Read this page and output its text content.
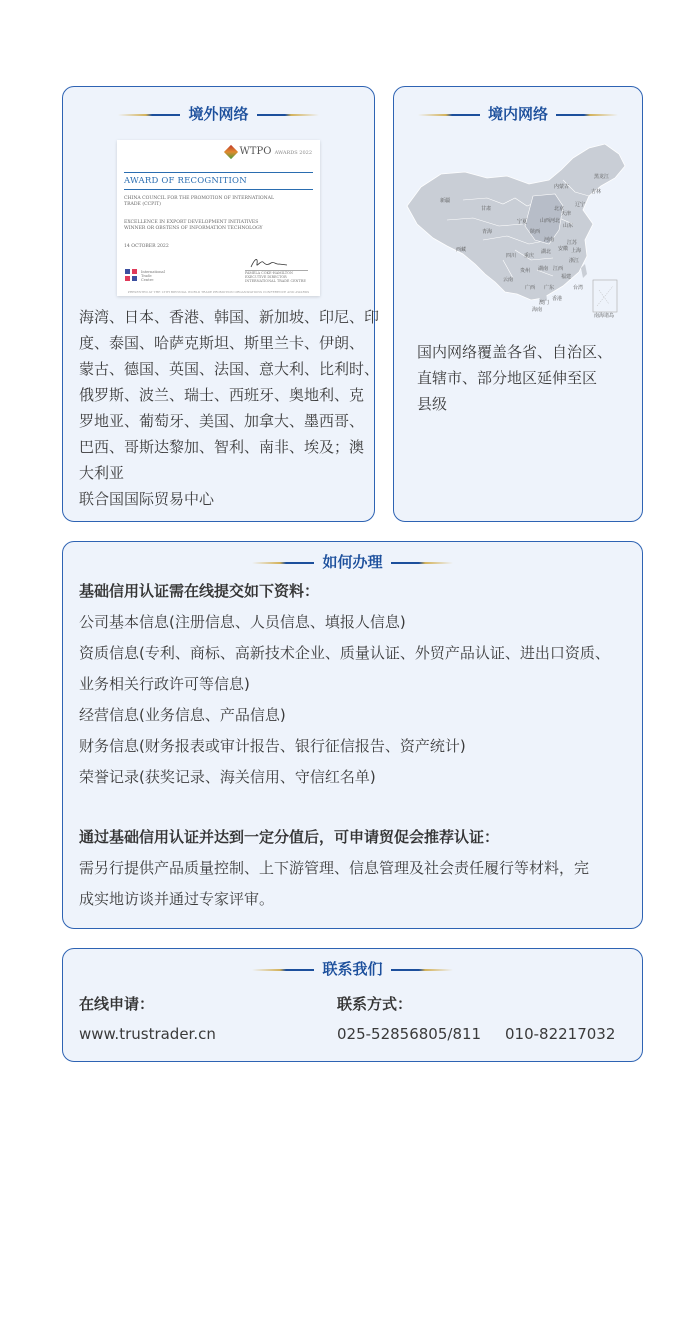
境外网络
WTPO AWARDS 2022
AWARD OF RECOGNITION
CHINA COUNCIL FOR THE PROMOTION OF INTERNATIONAL
TRADE (CCPIT)
EXCELLENCE IN EXPORT DEVELOPMENT INITIATIVES
WINNER OR OBSTENS OF INFORMATION TECHNOLOGY
14 OCTOBER 2022
PAMELA COKE-HAMILTON
EXECUTIVE DIRECTOR
INTERNATIONAL TRADE CENTRE
International
Trade
Centre
PRESENTED AT THE 13TH BIENNIAL WORLD TRADE PROMOTION ORGANIZATIONS CONFERENCE AND AWARDS
海湾、日本、香港、韩国、新加坡、印尼、印
度、泰国、哈萨克斯坦、斯里兰卡、伊朗、
蒙古、德国、英国、法国、意大利、比利时、
俄罗斯、波兰、瑞士、西班牙、奥地利、克
罗地亚、葡萄牙、美国、加拿大、墨西哥、
巴西、哥斯达黎加、智利、南非、埃及；澳
大利亚
联合国国际贸易中心
境内网络
黑龙江
吉林
辽宁
内蒙古
北京
天津
河北
山西
山东
新疆
甘肃
宁夏
青海	陕西
河南	江苏
安徽 上海
西藏
四川 重庆
湖北
浙江
贵州 湖南 江西
福建
云南
广西 广东	台湾
香港
澳门
海南
南海诸岛
国内网络覆盖各省、自治区、
直辖市、部分地区延伸至区
县级
如何办理
基础信用认证需在线提交如下资料：
公司基本信息(注册信息、人员信息、填报人信息)
资质信息(专利、商标、高新技术企业、质量认证、外贸产品认证、进出口资质、
业务相关行政许可等信息)
经营信息(业务信息、产品信息)
财务信息(财务报表或审计报告、银行征信报告、资产统计)
荣誉记录(获奖记录、海关信用、守信红名单)
通过基础信用认证并达到一定分值后，可申请贸促会推荐认证：
需另行提供产品质量控制、上下游管理、信息管理及社会责任履行等材料，完
成实地访谈并通过专家评审。
联系我们
在线申请：
www.trustrader.cn
联系方式：
025-52856805/811 010-82217032
